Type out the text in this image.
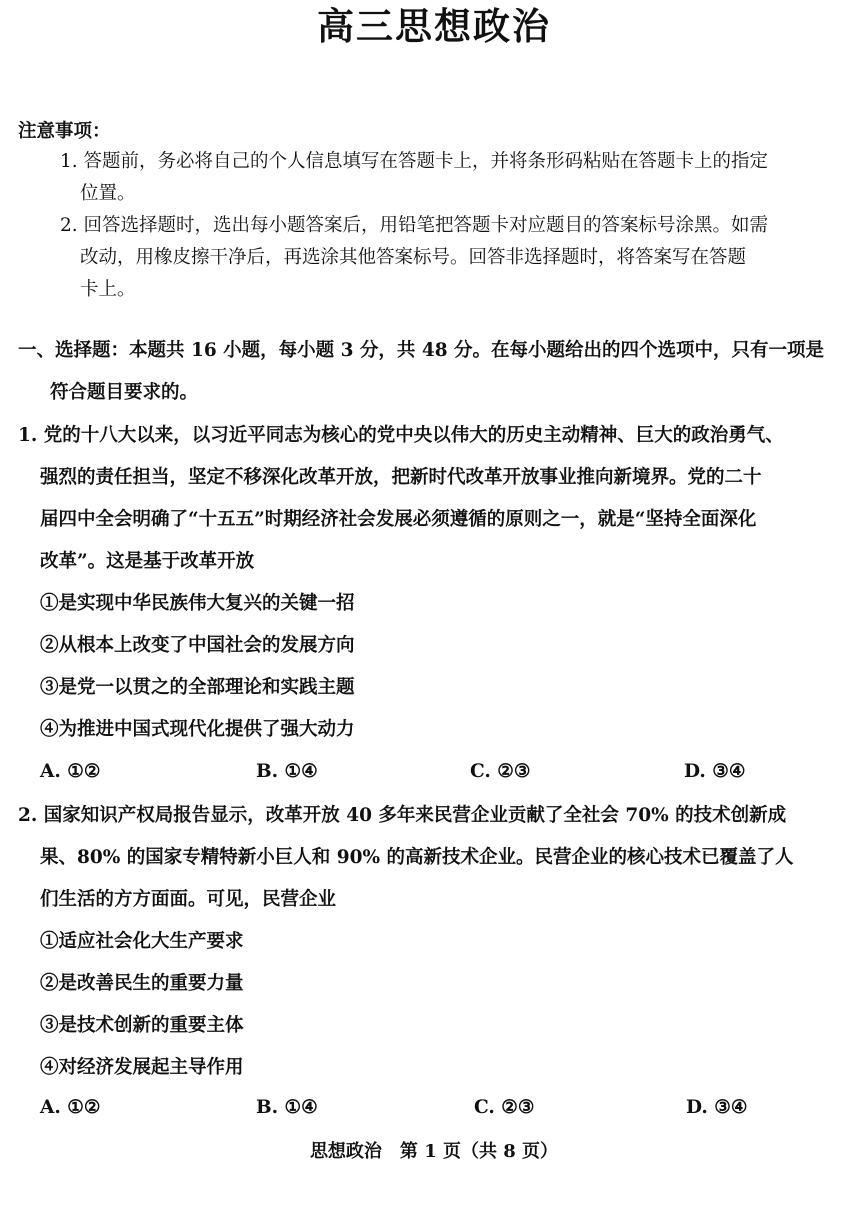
高三思想政治
注意事项：
1. 答题前，务必将自己的个人信息填写在答题卡上，并将条形码粘贴在答题卡上的指定
位置。
2. 回答选择题时，选出每小题答案后，用铅笔把答题卡对应题目的答案标号涂黑。如需
改动，用橡皮擦干净后，再选涂其他答案标号。回答非选择题时，将答案写在答题
卡上。
一、选择题：本题共 16 小题，每小题 3 分，共 48 分。在每小题给出的四个选项中，只有一项是
符合题目要求的。
1. 党的十八大以来，以习近平同志为核心的党中央以伟大的历史主动精神、巨大的政治勇气、
强烈的责任担当，坚定不移深化改革开放，把新时代改革开放事业推向新境界。党的二十
届四中全会明确了“十五五”时期经济社会发展必须遵循的原则之一，就是“坚持全面深化
改革”。这是基于改革开放
①是实现中华民族伟大复兴的关键一招
②从根本上改变了中国社会的发展方向
③是党一以贯之的全部理论和实践主题
④为推进中国式现代化提供了强大动力
A. ①②	B. ①④	C. ②③	D. ③④
2. 国家知识产权局报告显示，改革开放 40 多年来民营企业贡献了全社会 70% 的技术创新成
果、80% 的国家专精特新小巨人和 90% 的高新技术企业。民营企业的核心技术已覆盖了人
们生活的方方面面。可见，民营企业
①适应社会化大生产要求
②是改善民生的重要力量
③是技术创新的重要主体
④对经济发展起主导作用
A. ①②	B. ①④	C. ②③	D. ③④
思想政治　第 1 页（共 8 页）
